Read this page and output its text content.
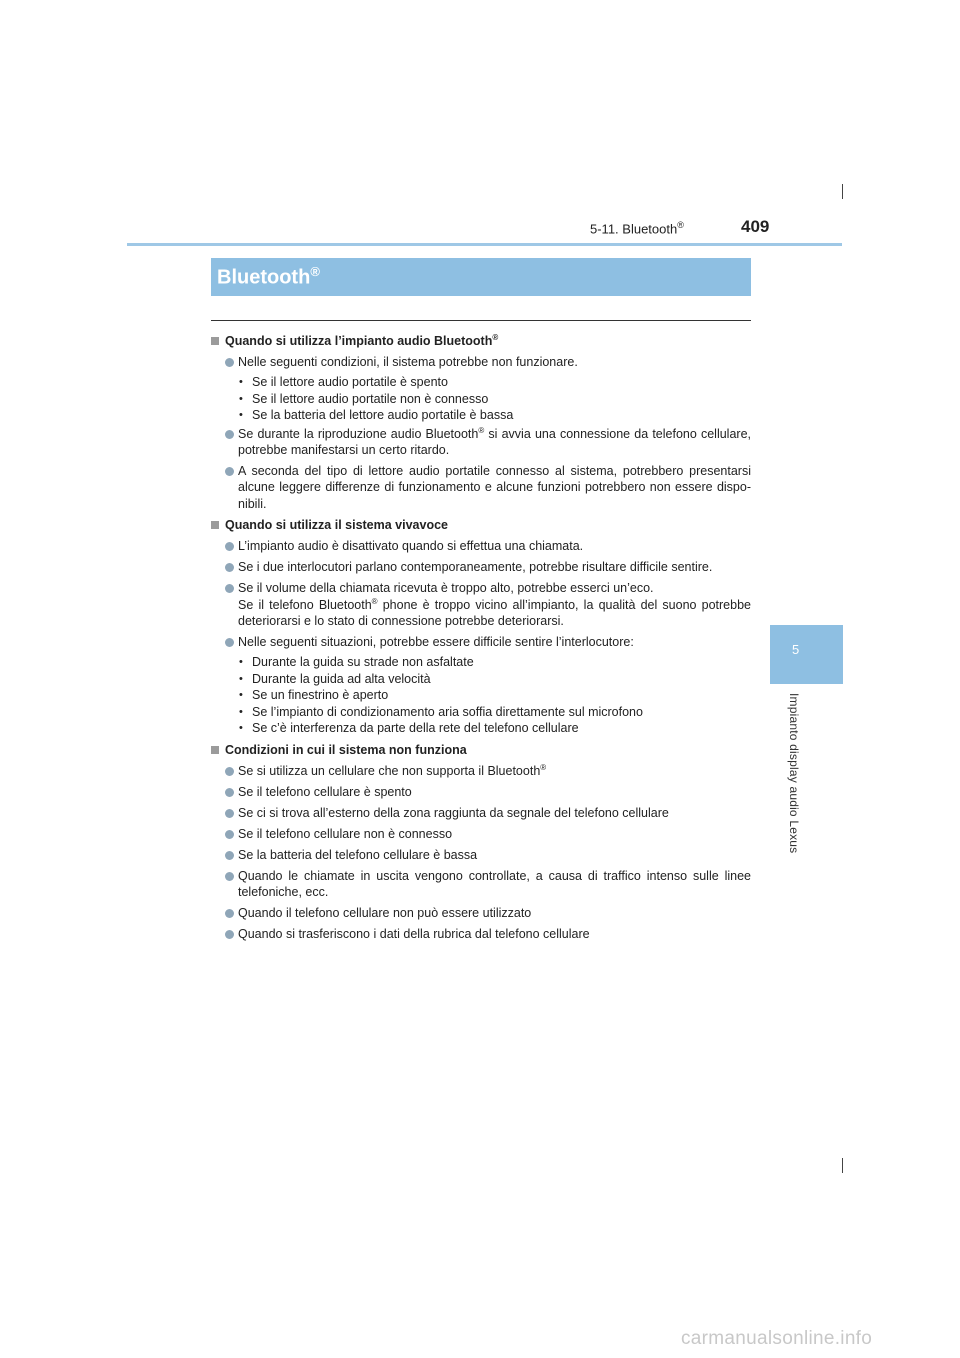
5-11. Bluetooth®	409
Bluetooth®
5
Impianto display audio Lexus
Quando si utilizza l’impianto audio Bluetooth®
Nelle seguenti condizioni, il sistema potrebbe non funzionare.
• Se il lettore audio portatile è spento
• Se il lettore audio portatile non è connesso
• Se la batteria del lettore audio portatile è bassa
Se durante la riproduzione audio Bluetooth® si avvia una connessione da telefono cellulare, potrebbe manifestarsi un certo ritardo.
A seconda del tipo di lettore audio portatile connesso al sistema, potrebbero presentarsi alcune leggere differenze di funzionamento e alcune funzioni potrebbero non essere dispo-nibili.
Quando si utilizza il sistema vivavoce
L’impianto audio è disattivato quando si effettua una chiamata.
Se i due interlocutori parlano contemporaneamente, potrebbe risultare difficile sentire.
Se il volume della chiamata ricevuta è troppo alto, potrebbe esserci un’eco.
Se il telefono Bluetooth® phone è troppo vicino all’impianto, la qualità del suono potrebbe deteriorarsi e lo stato di connessione potrebbe deteriorarsi.
Nelle seguenti situazioni, potrebbe essere difficile sentire l’interlocutore:
• Durante la guida su strade non asfaltate
• Durante la guida ad alta velocità
• Se un finestrino è aperto
• Se l’impianto di condizionamento aria soffia direttamente sul microfono
• Se c’è interferenza da parte della rete del telefono cellulare
Condizioni in cui il sistema non funziona
Se si utilizza un cellulare che non supporta il Bluetooth®
Se il telefono cellulare è spento
Se ci si trova all’esterno della zona raggiunta da segnale del telefono cellulare
Se il telefono cellulare non è connesso
Se la batteria del telefono cellulare è bassa
Quando le chiamate in uscita vengono controllate, a causa di traffico intenso sulle linee telefoniche, ecc.
Quando il telefono cellulare non può essere utilizzato
Quando si trasferiscono i dati della rubrica dal telefono cellulare
carmanualsonline.info
